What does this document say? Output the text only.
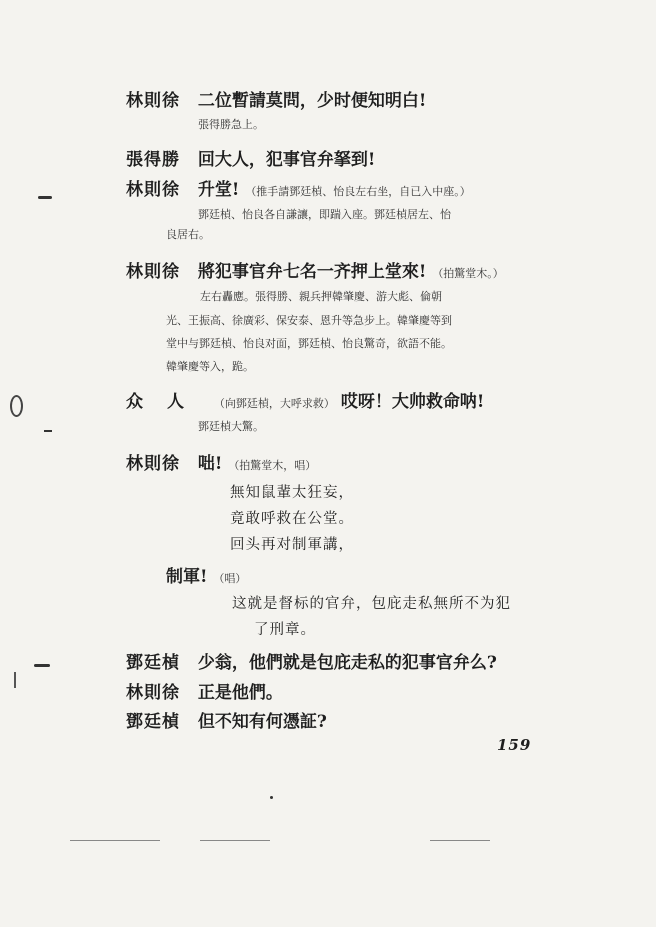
林則徐 二位暫請莫問，少时便知明白!
張得勝急上。
張得勝 回大人，犯事官弁拏到!
林則徐 升堂! （推手請鄧廷楨、怡良左右坐，自已入中座。）
鄧廷楨、怡良各自謙讓，即踹入座。鄧廷楨居左、怡
良居右。
林則徐 將犯事官弁七名一齐押上堂來! （拍驚堂木。）
左右轟應。張得勝、親兵押韓肇慶、游大彪、倫朝
光、王振高、徐廣彩、保安泰、恩升等急步上。韓肇慶等到
堂中与鄧廷楨、怡良对面，鄧廷楨、怡良驚奇，欲語不能。
韓肇慶等入，跪。
众人 （向鄧廷楨，大呼求救） 哎呀！大帅救命呐!
鄧廷楨大驚。
林則徐 咄! （拍驚堂木，唱）
無知鼠輩太狂妄，
竟敢呼救在公堂。
回头再对制軍講，
制軍! （唱）
这就是督标的官弁，包庇走私無所不为犯
了刑章。
鄧廷楨 少翁，他們就是包庇走私的犯事官弁么?
林則徐 正是他們。
鄧廷楨 但不知有何憑証?
159
